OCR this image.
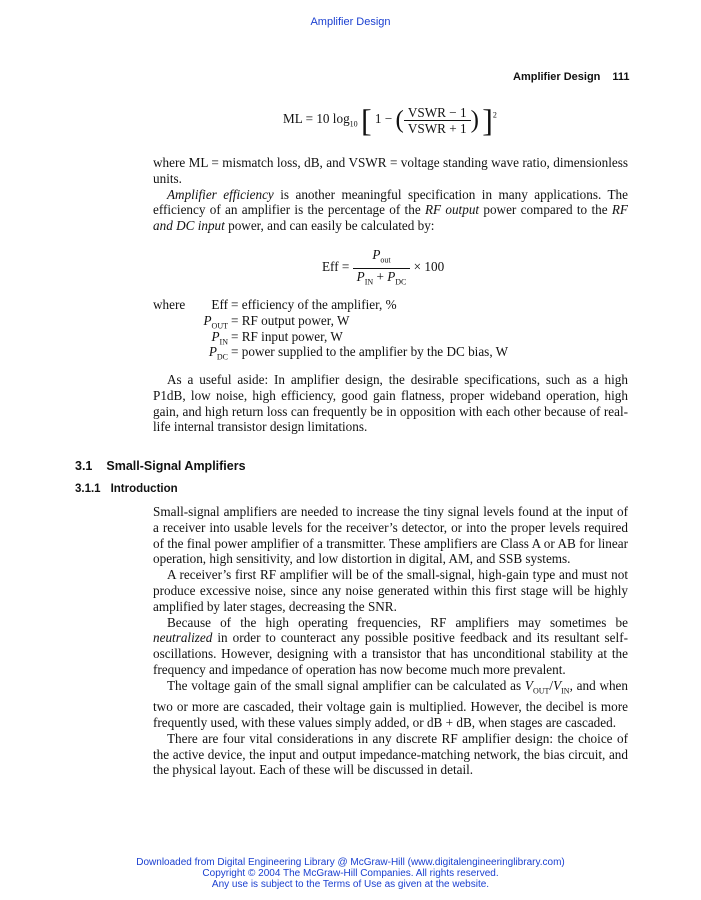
Amplifier Design
Amplifier Design 111
ML = 10 $\log_{10}$ [ 1 − ( $\frac{\text{VSWR − 1}}{\text{VSWR + 1}}$ ) ]$^2$

where ML = mismatch loss, dB, and VSWR = voltage standing wave ratio, dimensionless units.

Amplifier efficiency is another meaningful specification in many applications. The efficiency of an amplifier is the percentage of the RF output power compared to the RF and DC input power, and can easily be calculated by:

Eff = $\frac{P_{out}}{P_{IN} + P_{DC}} \times 100$
where Eff
$P_{OUT}$
$P_{IN}$
$P_{DC}$
= efficiency of the amplifier, %
= RF output power, W
= RF input power, W
= power supplied to the amplifier by the DC bias, W

As a useful aside: In amplifier design, the desirable specifications, such as a high P1dB, low noise, high efficiency, good gain flatness, proper wideband operation, high gain, and high return loss can frequently be in opposition with each other because of real-life internal transistor design limitations.

3.1 Small-Signal Amplifiers
3.1.1 Introduction

Small-signal amplifiers are needed to increase the tiny signal levels found at the input of a receiver into usable levels for the receiver’s detector, or into the proper levels required of the final power amplifier of a transmitter. These amplifiers are Class A or AB for linear operation, high sensitivity, and low distortion in digital, AM, and SSB systems.

A receiver’s first RF amplifier will be of the small-signal, high-gain type and must not produce excessive noise, since any noise generated within this first stage will be highly amplified by later stages, decreasing the SNR.

Because of the high operating frequencies, RF amplifiers may sometimes be neutralized in order to counteract any possible positive feedback and its resultant self-oscillations. However, designing with a transistor that has unconditional stability at the frequency and impedance of operation has now become much more prevalent.

The voltage gain of the small signal amplifier can be calculated as $V_{OUT}/V_{IN}$, and when two or more are cascaded, their voltage gain is multiplied. However, the decibel is more frequently used, with these values simply added, or dB + dB, when stages are cascaded.

There are four vital considerations in any discrete RF amplifier design: the choice of the active device, the input and output impedance-matching network, the bias circuit, and the physical layout. Each of these will be discussed in detail.

Downloaded from Digital Engineering Library @ McGraw-Hill (www.digitalengineeringlibrary.com)
Copyright © 2004 The McGraw-Hill Companies. All rights reserved.
Any use is subject to the Terms of Use as given at the website.
